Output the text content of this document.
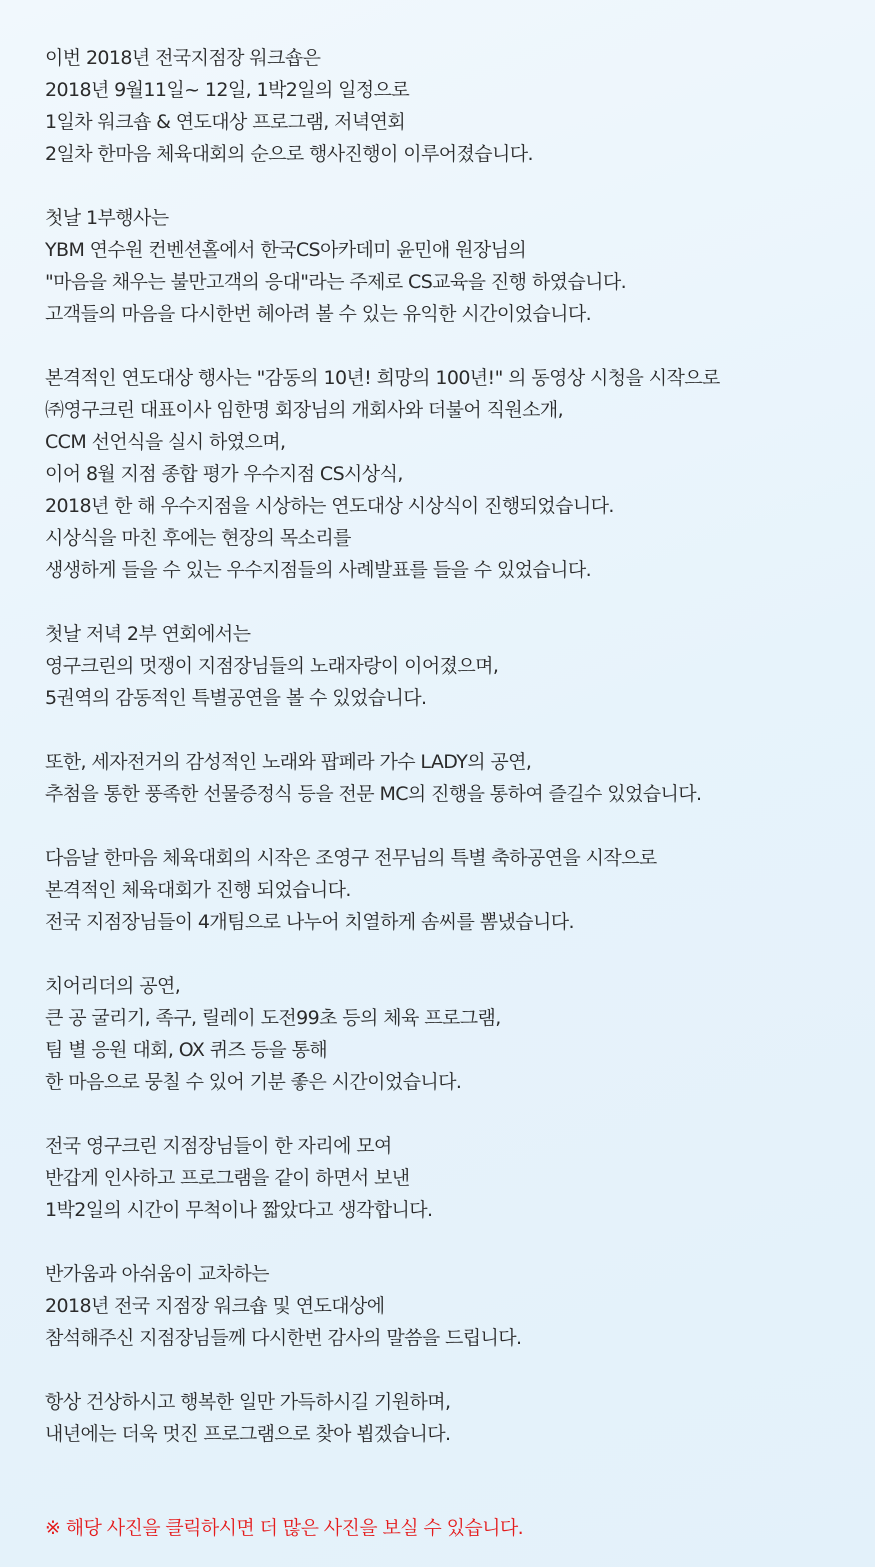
이번 2018년 전국지점장 워크숍은
2018년 9월11일~ 12일, 1박2일의 일정으로
1일차 워크숍 & 연도대상 프로그램, 저녁연회
2일차 한마음 체육대회의 순으로 행사진행이 이루어졌습니다.
첫날 1부행사는
YBM 연수원 컨벤션홀에서 한국CS아카데미 윤민애 원장님의
"마음을 채우는 불만고객의 응대"라는 주제로 CS교육을 진행 하였습니다.
고객들의 마음을 다시한번 헤아려 볼 수 있는 유익한 시간이었습니다.
본격적인 연도대상 행사는 "감동의 10년! 희망의 100년!" 의 동영상 시청을 시작으로
㈜영구크린 대표이사 임한명 회장님의 개회사와 더불어 직원소개,
CCM 선언식을 실시 하였으며,
이어 8월 지점 종합 평가 우수지점 CS시상식,
2018년 한 해 우수지점을 시상하는 연도대상 시상식이 진행되었습니다.
시상식을 마친 후에는 현장의 목소리를
생생하게 들을 수 있는 우수지점들의 사례발표를 들을 수 있었습니다.
첫날 저녁 2부 연회에서는
영구크린의 멋쟁이 지점장님들의 노래자랑이 이어졌으며,
5권역의 감동적인 특별공연을 볼 수 있었습니다.
또한, 세자전거의 감성적인 노래와 팝페라 가수 LADY의 공연,
추첨을 통한 풍족한 선물증정식 등을 전문 MC의 진행을 통하여 즐길수 있었습니다.
다음날 한마음 체육대회의 시작은 조영구 전무님의 특별 축하공연을 시작으로
본격적인 체육대회가 진행 되었습니다.
전국 지점장님들이 4개팀으로 나누어 치열하게 솜씨를 뽐냈습니다.
치어리더의 공연,
큰 공 굴리기, 족구, 릴레이 도전99초 등의 체육 프로그램,
팀 별 응원 대회, OX 퀴즈 등을 통해
한 마음으로 뭉칠 수 있어 기분 좋은 시간이었습니다.
전국 영구크린 지점장님들이 한 자리에 모여
반갑게 인사하고 프로그램을 같이 하면서 보낸
1박2일의 시간이 무척이나 짧았다고 생각합니다.
반가움과 아쉬움이 교차하는
2018년 전국 지점장 워크숍 및 연도대상에
참석해주신 지점장님들께 다시한번 감사의 말씀을 드립니다.
항상 건상하시고 행복한 일만 가득하시길 기원하며,
내년에는 더욱 멋진 프로그램으로 찾아 뵙겠습니다.
※ 해당 사진을 클릭하시면 더 많은 사진을 보실 수 있습니다.
